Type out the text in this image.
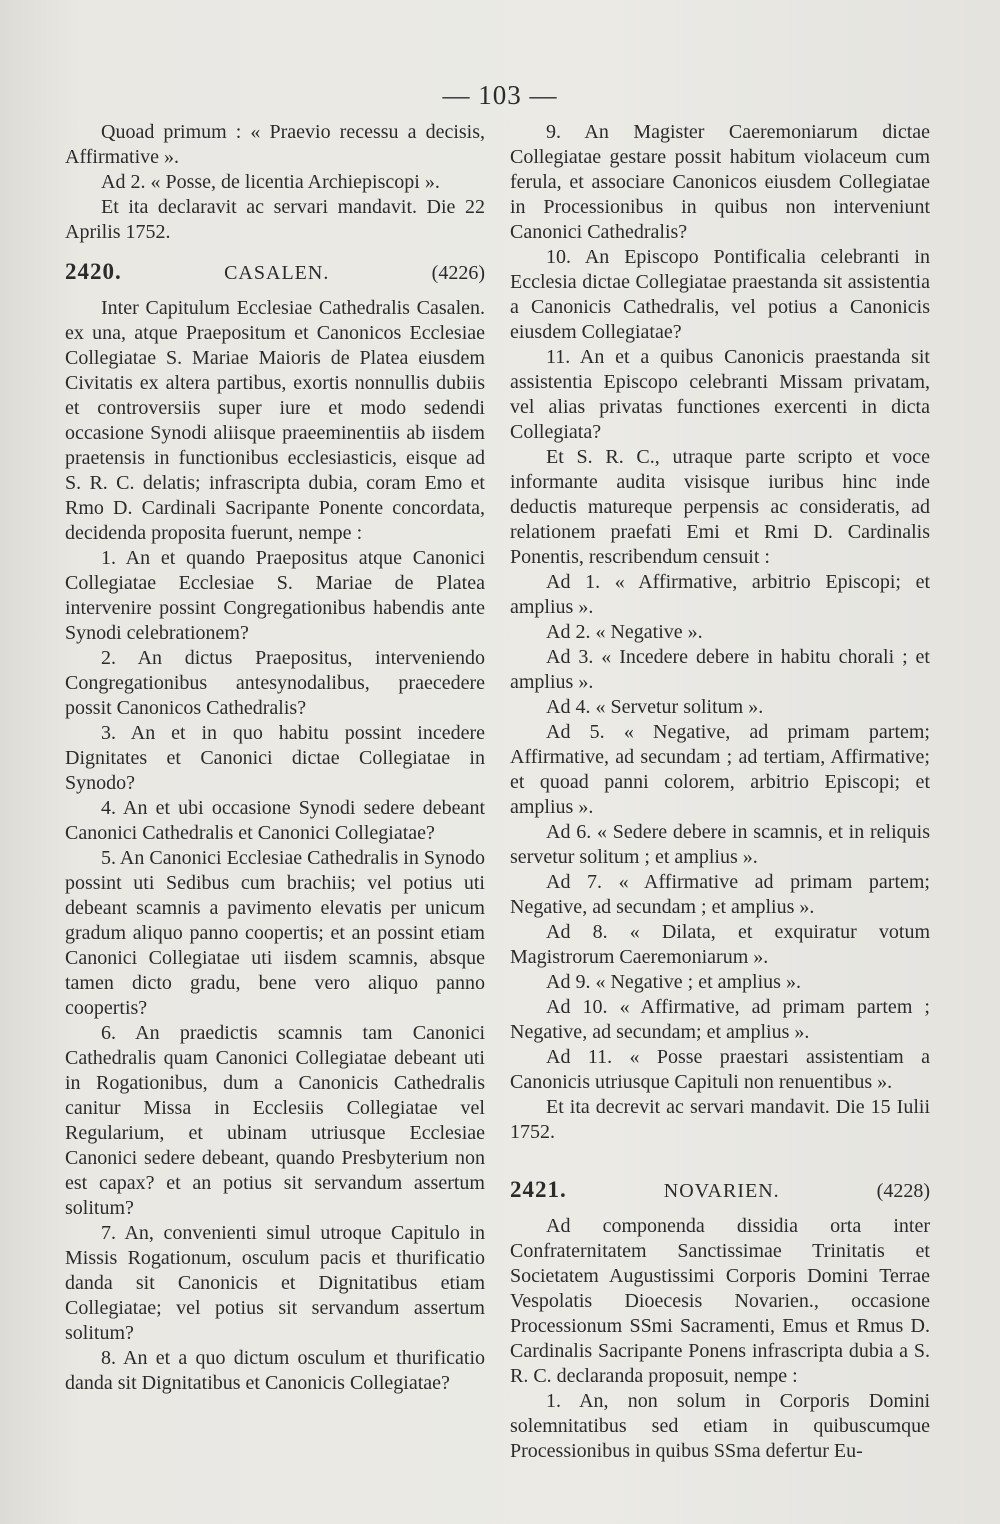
— 103 —

Quoad primum : « Praevio recessu a decisis, Affirmative ».

Ad 2. « Posse, de licentia Archiepiscopi ».

Et ita declaravit ac servari mandavit. Die 22 Aprilis 1752.

2420.	CASALEN.	(4226)

Inter Capitulum Ecclesiae Cathedralis Casalen. ex una, atque Praepositum et Canonicos Ecclesiae Collegiatae S. Mariae Maioris de Platea eiusdem Civitatis ex altera partibus, exortis nonnullis dubiis et controversiis super iure et modo sedendi occasione Synodi aliisque praeeminentiis ab iisdem praetensis in functionibus ecclesiasticis, eisque ad S. R. C. delatis; infrascripta dubia, coram Emo et Rmo D. Cardinali Sacripante Ponente concordata, decidenda proposita fuerunt, nempe :

1. An et quando Praepositus atque Canonici Collegiatae Ecclesiae S. Mariae de Platea intervenire possint Congregationibus habendis ante Synodi celebrationem?

2. An dictus Praepositus, interveniendo Congregationibus antesynodalibus, praecedere possit Canonicos Cathedralis?

3. An et in quo habitu possint incedere Dignitates et Canonici dictae Collegiatae in Synodo?

4. An et ubi occasione Synodi sedere debeant Canonici Cathedralis et Canonici Collegiatae?

5. An Canonici Ecclesiae Cathedralis in Synodo possint uti Sedibus cum brachiis; vel potius uti debeant scamnis a pavimento elevatis per unicum gradum aliquo panno coopertis; et an possint etiam Canonici Collegiatae uti iisdem scamnis, absque tamen dicto gradu, bene vero aliquo panno coopertis?

6. An praedictis scamnis tam Canonici Cathedralis quam Canonici Collegiatae debeant uti in Rogationibus, dum a Canonicis Cathedralis canitur Missa in Ecclesiis Collegiatae vel Regularium, et ubinam utriusque Ecclesiae Canonici sedere debeant, quando Presbyterium non est capax? et an potius sit servandum assertum solitum?

7. An, convenienti simul utroque Capitulo in Missis Rogationum, osculum pacis et thurificatio danda sit Canonicis et Dignitatibus etiam Collegiatae; vel potius sit servandum assertum solitum?

8. An et a quo dictum osculum et thurificatio danda sit Dignitatibus et Canonicis Collegiatae?

9. An Magister Caeremoniarum dictae Collegiatae gestare possit habitum violaceum cum ferula, et associare Canonicos eiusdem Collegiatae in Processionibus in quibus non interveniunt Canonici Cathedralis?

10. An Episcopo Pontificalia celebranti in Ecclesia dictae Collegiatae praestanda sit assistentia a Canonicis Cathedralis, vel potius a Canonicis eiusdem Collegiatae?

11. An et a quibus Canonicis praestanda sit assistentia Episcopo celebranti Missam privatam, vel alias privatas functiones exercenti in dicta Collegiata?

Et S. R. C., utraque parte scripto et voce informante audita visisque iuribus hinc inde deductis matureque perpensis ac consideratis, ad relationem praefati Emi et Rmi D. Cardinalis Ponentis, rescribendum censuit :

Ad 1. « Affirmative, arbitrio Episcopi; et amplius ».

Ad 2. « Negative ».

Ad 3. « Incedere debere in habitu chorali ; et amplius ».

Ad 4. « Servetur solitum ».

Ad 5. « Negative, ad primam partem; Affirmative, ad secundam ; ad tertiam, Affirmative; et quoad panni colorem, arbitrio Episcopi; et amplius ».

Ad 6. « Sedere debere in scamnis, et in reliquis servetur solitum ; et amplius ».

Ad 7. « Affirmative ad primam partem; Negative, ad secundam ; et amplius ».

Ad 8. « Dilata, et exquiratur votum Magistrorum Caeremoniarum ».

Ad 9. « Negative ; et amplius ».

Ad 10. « Affirmative, ad primam partem ; Negative, ad secundam; et amplius ».

Ad 11. « Posse praestari assistentiam a Canonicis utriusque Capituli non renuentibus ».

Et ita decrevit ac servari mandavit. Die 15 Iulii 1752.

2421.	NOVARIEN.	(4228)

Ad componenda dissidia orta inter Confraternitatem Sanctissimae Trinitatis et Societatem Augustissimi Corporis Domini Terrae Vespolatis Dioecesis Novarien., occasione Processionum SSmi Sacramenti, Emus et Rmus D. Cardinalis Sacripante Ponens infrascripta dubia a S. R. C. declaranda proposuit, nempe :

1. An, non solum in Corporis Domini solemnitatibus sed etiam in quibuscumque Processionibus in quibus SSma defertur Eu-
